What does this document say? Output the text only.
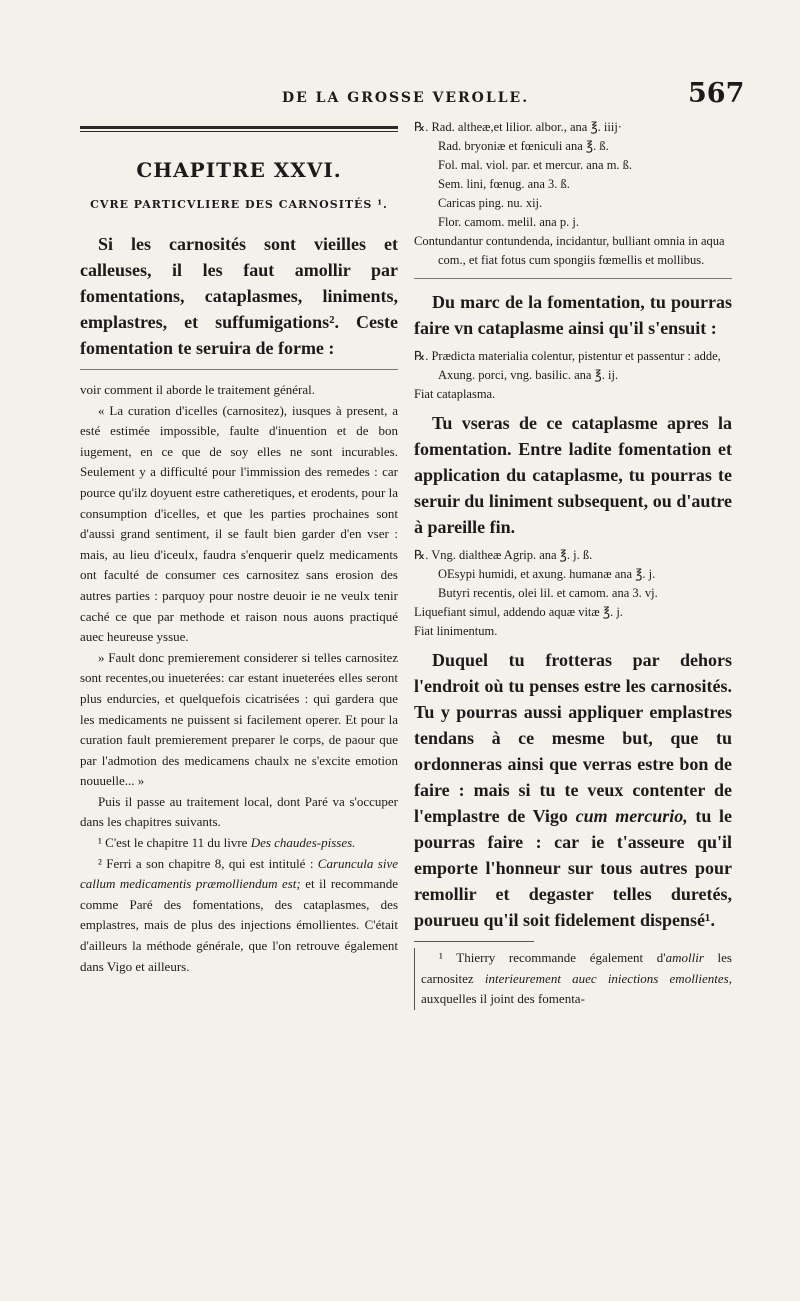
DE LA GROSSE VEROLLE.	567
CHAPITRE XXVI.
CVRE PARTICVLIERE DES CARNOSITÉS ¹.

Si les carnosités sont vieilles et calleuses, il les faut amollir par fomentations, cataplasmes, liniments, emplastres, et suffumigations². Ceste fomentation te seruira de forme :

voir comment il aborde le traitement général.

« La curation d'icelles (carnositez), iusques à present, a esté estimée impossible, faulte d'inuention et de bon iugement, en ce que de soy elles ne sont incurables. Seulement y a difficulté pour l'immission des remedes : car pource qu'ilz doyuent estre catheretiques, et erodents, pour la consumption d'icelles, et que les parties prochaines sont d'aussi grand sentiment, il se fault bien garder d'en vser : mais, au lieu d'iceulx, faudra s'enquerir quelz medicaments ont faculté de consumer ces carnositez sans erosion des autres parties : parquoy pour nostre deuoir ie ne veulx tenir caché ce que par methode et raison nous auons practiqué auec heureuse yssue.

» Fault donc premierement considerer si telles carnositez sont recentes,ou inueterées: car estant inueterées elles seront plus endurcies, et quelquefois cicatrisées : qui gardera que les medicaments ne puissent si facilement operer. Et pour la curation fault premierement preparer le corps, de paour que par l'admotion des medicamens chaulx ne s'excite emotion nouuelle... »

Puis il passe au traitement local, dont Paré va s'occuper dans les chapitres suivants.

¹ C'est le chapitre 11 du livre Des chaudes-pisses.

² Ferri a son chapitre 8, qui est intitulé : Caruncula sive callum medicamentis præmolliendum est; et il recommande comme Paré des fomentations, des cataplasmes, des emplastres, mais de plus des injections émollientes. C'était d'ailleurs la méthode générale, que l'on retrouve également dans Vigo et ailleurs.

℞. Rad. altheæ,et lilior. albor., ana ℥. iiij·

Rad. bryoniæ et fœniculi ana ℥. ß.

Fol. mal. viol. par. et mercur. ana m. ß.

Sem. lini, fœnug. ana 3. ß.

Caricas ping. nu. xij.

Flor. camom. melil. ana p. j.

Contundantur contundenda, incidantur, bulliant omnia in aqua com., et fiat fotus cum spongiis fœmellis et mollibus.

Du marc de la fomentation, tu pourras faire vn cataplasme ainsi qu'il s'ensuit :

℞. Prædicta materialia colentur, pistentur et passentur : adde,

Axung. porci, vng. basilic. ana ℥. ij.

Fiat cataplasma.

Tu vseras de ce cataplasme apres la fomentation. Entre ladite fomentation et application du cataplasme, tu pourras te seruir du liniment subsequent, ou d'autre à pareille fin.

℞. Vng. dialtheæ Agrip. ana ℥. j. ß.

OEsypi humidi, et axung. humanæ ana ℥. j.

Butyri recentis, olei lil. et camom. ana 3. vj.

Liquefiant simul, addendo aquæ vitæ ℥. j.

Fiat linimentum.

Duquel tu frotteras par dehors l'endroit où tu penses estre les carnosités. Tu y pourras aussi appliquer emplastres tendans à ce mesme but, que tu ordonneras ainsi que verras estre bon de faire : mais si tu te veux contenter de l'emplastre de Vigo cum mercurio, tu le pourras faire : car ie t'asseure qu'il emporte l'honneur sur tous autres pour remollir et degaster telles duretés, pourueu qu'il soit fidelement dispensé¹.

¹ Thierry recommande également d'amollir les carnositez interieurement auec iniections emollientes, auxquelles il joint des fomenta-
